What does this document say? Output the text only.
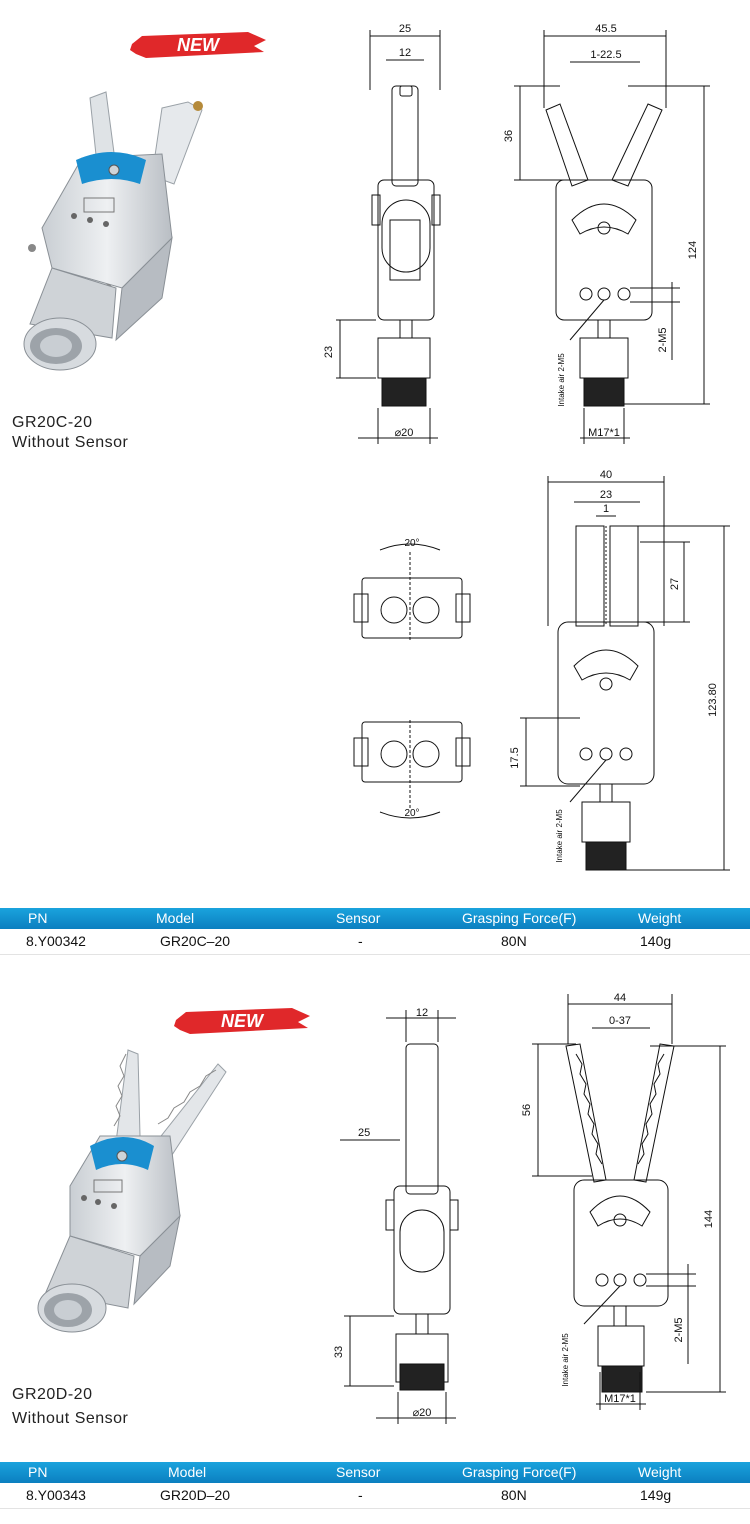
NEW
GR20C-20
Without Sensor
25
12
23
⌀20
45.5
1-22.5
36
124
2-M5
Intake air 2-M5
M17*1
20°
20°
40
23
1
27
123.80
17.5
Intake air 2-M5
PN	Model	Sensor	Grasping Force(F)	Weight
8.Y00342	GR20C–20	-	80N	140g
NEW
GR20D-20
Without Sensor
12
25
33
⌀20
44
0-37
56
144
2-M5
Intake air 2-M5
M17*1
PN	Model	Sensor	Grasping Force(F)	Weight
8.Y00343	GR20D–20	-	80N	149g
